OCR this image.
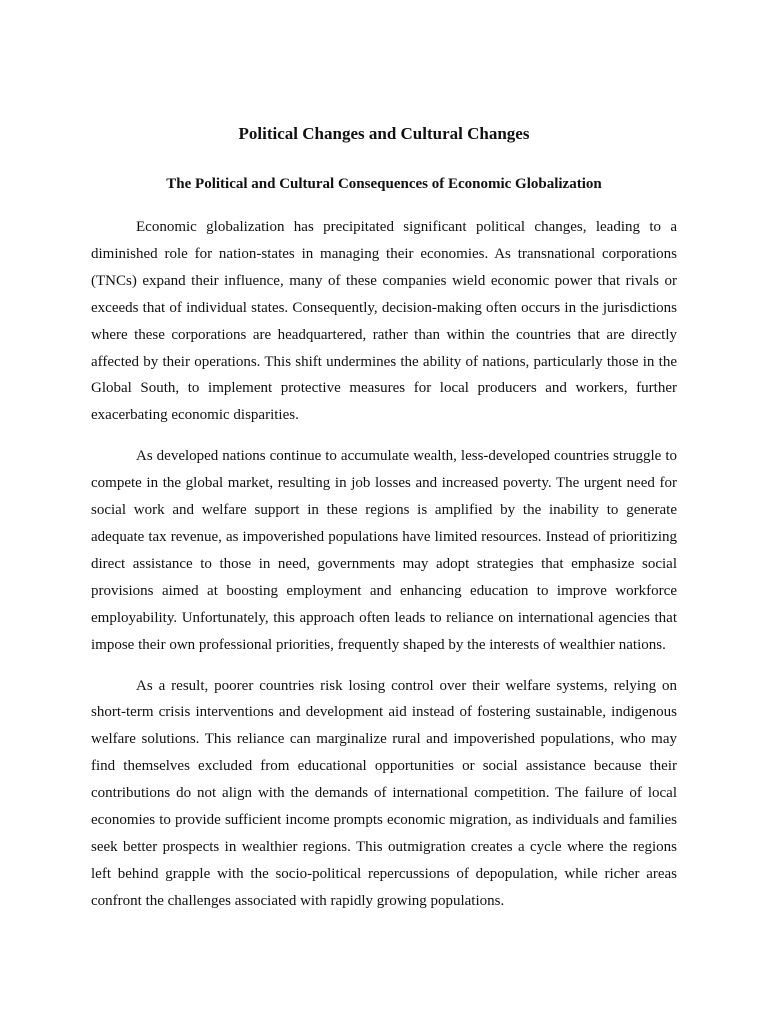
Political Changes and Cultural Changes
The Political and Cultural Consequences of Economic Globalization

Economic globalization has precipitated significant political changes, leading to a diminished role for nation-states in managing their economies. As transnational corporations (TNCs) expand their influence, many of these companies wield economic power that rivals or exceeds that of individual states. Consequently, decision-making often occurs in the jurisdictions where these corporations are headquartered, rather than within the countries that are directly affected by their operations. This shift undermines the ability of nations, particularly those in the Global South, to implement protective measures for local producers and workers, further exacerbating economic disparities.

As developed nations continue to accumulate wealth, less-developed countries struggle to compete in the global market, resulting in job losses and increased poverty. The urgent need for social work and welfare support in these regions is amplified by the inability to generate adequate tax revenue, as impoverished populations have limited resources. Instead of prioritizing direct assistance to those in need, governments may adopt strategies that emphasize social provisions aimed at boosting employment and enhancing education to improve workforce employability. Unfortunately, this approach often leads to reliance on international agencies that impose their own professional priorities, frequently shaped by the interests of wealthier nations.

As a result, poorer countries risk losing control over their welfare systems, relying on short-term crisis interventions and development aid instead of fostering sustainable, indigenous welfare solutions. This reliance can marginalize rural and impoverished populations, who may find themselves excluded from educational opportunities or social assistance because their contributions do not align with the demands of international competition. The failure of local economies to provide sufficient income prompts economic migration, as individuals and families seek better prospects in wealthier regions. This outmigration creates a cycle where the regions left behind grapple with the socio-political repercussions of depopulation, while richer areas confront the challenges associated with rapidly growing populations.
